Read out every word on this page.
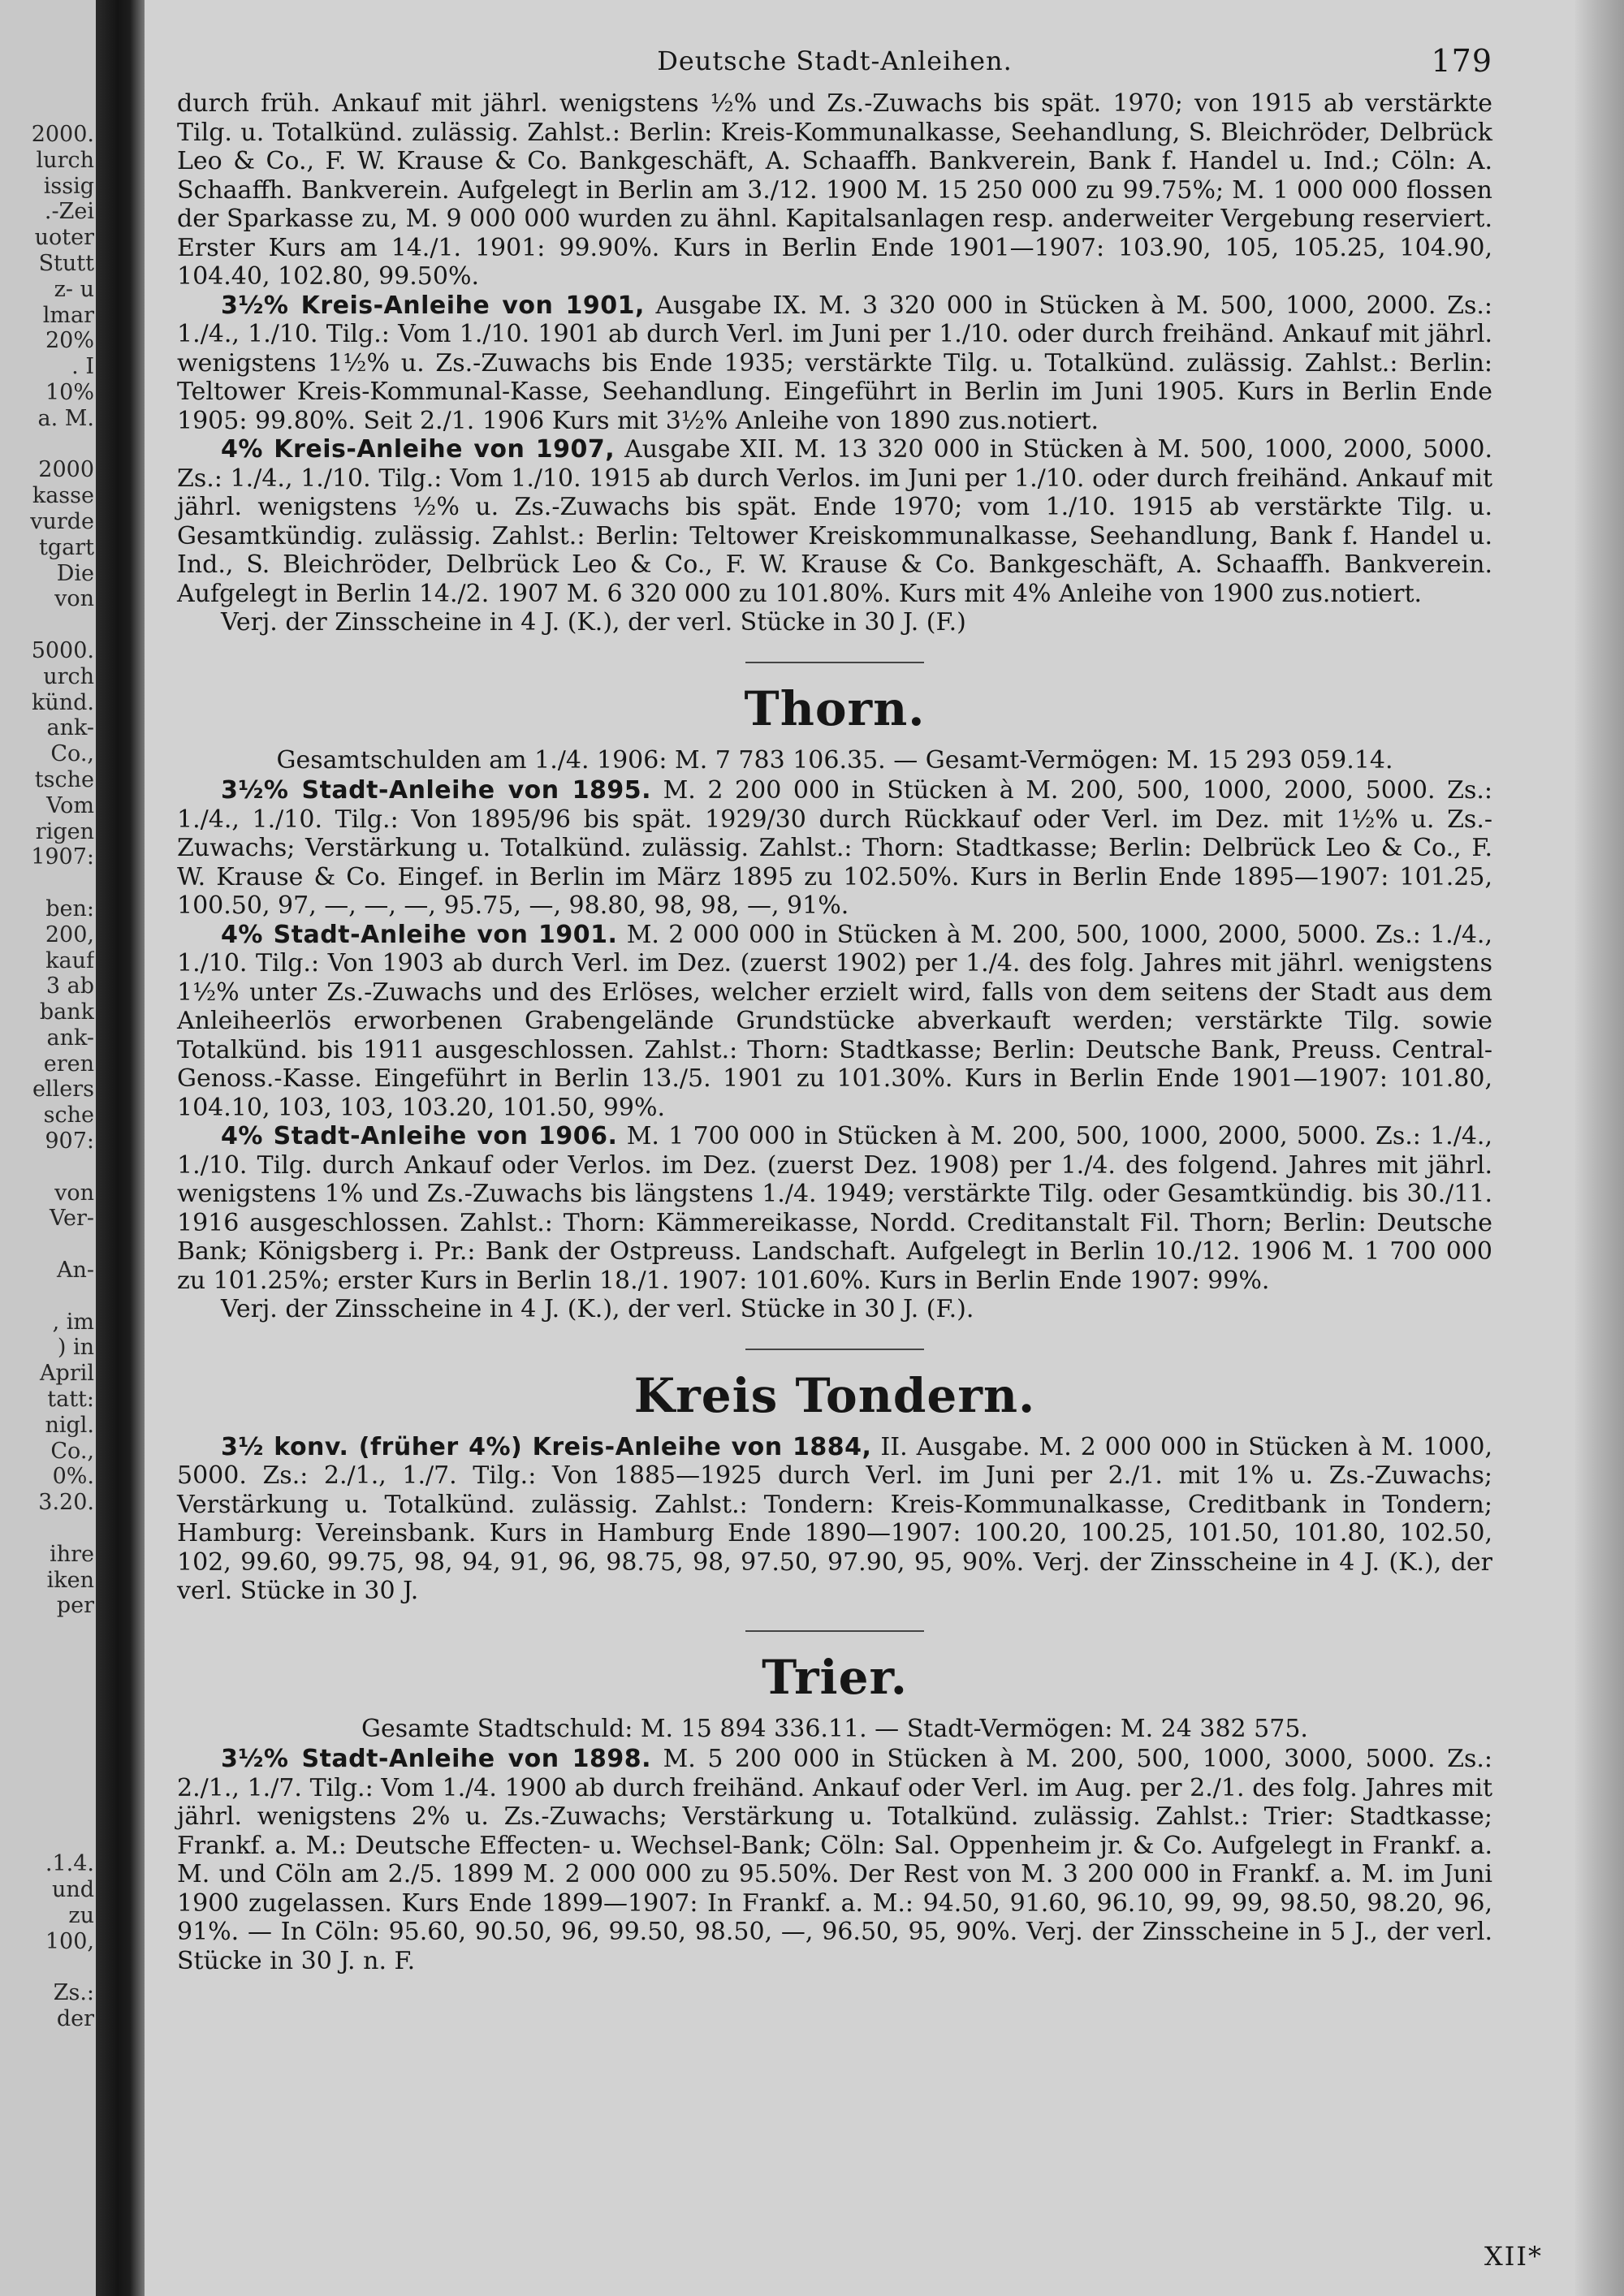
2000.
lurch
issig
.-Zei
uoter
Stutt
z- u
lmar
20%
. I
10%
a. M.
2000
kasse
vurde
tgart
Die
von
5000.
urch
künd.
ank-
Co.,
tsche
Vom
rigen
1907:
ben:
200,
kauf
3 ab
bank
ank-
eren
ellers
sche
907:
von
Ver-
An-
, im
) in
April
tatt:
nigl.
Co.,
0%.
3.20.
ihre
iken
per
.1.4.
und
zu
100,
Zs.:
der
Deutsche Stadt-Anleihen.	179

durch früh. Ankauf mit jährl. wenigstens ½% und Zs.-Zuwachs bis spät. 1970; von 1915 ab verstärkte Tilg. u. Totalkünd. zulässig. Zahlst.: Berlin: Kreis-Kommunalkasse, Seehandlung, S. Bleichröder, Delbrück Leo & Co., F. W. Krause & Co. Bankgeschäft, A. Schaaffh. Bankverein, Bank f. Handel u. Ind.; Cöln: A. Schaaffh. Bankverein. Aufgelegt in Berlin am 3./12. 1900 M. 15 250 000 zu 99.75%; M. 1 000 000 flossen der Sparkasse zu, M. 9 000 000 wurden zu ähnl. Kapitalsanlagen resp. anderweiter Vergebung reserviert. Erster Kurs am 14./1. 1901: 99.90%. Kurs in Berlin Ende 1901—1907: 103.90, 105, 105.25, 104.90, 104.40, 102.80, 99.50%.

3½% Kreis-Anleihe von 1901, Ausgabe IX. M. 3 320 000 in Stücken à M. 500, 1000, 2000. Zs.: 1./4., 1./10. Tilg.: Vom 1./10. 1901 ab durch Verl. im Juni per 1./10. oder durch freihänd. Ankauf mit jährl. wenigstens 1½% u. Zs.-Zuwachs bis Ende 1935; verstärkte Tilg. u. Totalkünd. zulässig. Zahlst.: Berlin: Teltower Kreis-Kommunal-Kasse, Seehandlung. Eingeführt in Berlin im Juni 1905. Kurs in Berlin Ende 1905: 99.80%. Seit 2./1. 1906 Kurs mit 3½% Anleihe von 1890 zus.notiert.

4% Kreis-Anleihe von 1907, Ausgabe XII. M. 13 320 000 in Stücken à M. 500, 1000, 2000, 5000. Zs.: 1./4., 1./10. Tilg.: Vom 1./10. 1915 ab durch Verlos. im Juni per 1./10. oder durch freihänd. Ankauf mit jährl. wenigstens ½% u. Zs.-Zuwachs bis spät. Ende 1970; vom 1./10. 1915 ab verstärkte Tilg. u. Gesamtkündig. zulässig. Zahlst.: Berlin: Teltower Kreiskommunalkasse, Seehandlung, Bank f. Handel u. Ind., S. Bleichröder, Delbrück Leo & Co., F. W. Krause & Co. Bankgeschäft, A. Schaaffh. Bankverein. Aufgelegt in Berlin 14./2. 1907 M. 6 320 000 zu 101.80%. Kurs mit 4% Anleihe von 1900 zus.notiert.

Verj. der Zinsscheine in 4 J. (K.), der verl. Stücke in 30 J. (F.)

Thorn.

Gesamtschulden am 1./4. 1906: M. 7 783 106.35. — Gesamt-Vermögen: M. 15 293 059.14.

3½% Stadt-Anleihe von 1895. M. 2 200 000 in Stücken à M. 200, 500, 1000, 2000, 5000. Zs.: 1./4., 1./10. Tilg.: Von 1895/96 bis spät. 1929/30 durch Rückkauf oder Verl. im Dez. mit 1½% u. Zs.-Zuwachs; Verstärkung u. Totalkünd. zulässig. Zahlst.: Thorn: Stadtkasse; Berlin: Delbrück Leo & Co., F. W. Krause & Co. Eingef. in Berlin im März 1895 zu 102.50%. Kurs in Berlin Ende 1895—1907: 101.25, 100.50, 97, —, —, —, 95.75, —, 98.80, 98, 98, —, 91%.

4% Stadt-Anleihe von 1901. M. 2 000 000 in Stücken à M. 200, 500, 1000, 2000, 5000. Zs.: 1./4., 1./10. Tilg.: Von 1903 ab durch Verl. im Dez. (zuerst 1902) per 1./4. des folg. Jahres mit jährl. wenigstens 1½% unter Zs.-Zuwachs und des Erlöses, welcher erzielt wird, falls von dem seitens der Stadt aus dem Anleiheerlös erworbenen Grabengelände Grundstücke abverkauft werden; verstärkte Tilg. sowie Totalkünd. bis 1911 ausgeschlossen. Zahlst.: Thorn: Stadtkasse; Berlin: Deutsche Bank, Preuss. Central-Genoss.-Kasse. Eingeführt in Berlin 13./5. 1901 zu 101.30%. Kurs in Berlin Ende 1901—1907: 101.80, 104.10, 103, 103, 103.20, 101.50, 99%.

4% Stadt-Anleihe von 1906. M. 1 700 000 in Stücken à M. 200, 500, 1000, 2000, 5000. Zs.: 1./4., 1./10. Tilg. durch Ankauf oder Verlos. im Dez. (zuerst Dez. 1908) per 1./4. des folgend. Jahres mit jährl. wenigstens 1% und Zs.-Zuwachs bis längstens 1./4. 1949; verstärkte Tilg. oder Gesamtkündig. bis 30./11. 1916 ausgeschlossen. Zahlst.: Thorn: Kämmereikasse, Nordd. Creditanstalt Fil. Thorn; Berlin: Deutsche Bank; Königsberg i. Pr.: Bank der Ostpreuss. Landschaft. Aufgelegt in Berlin 10./12. 1906 M. 1 700 000 zu 101.25%; erster Kurs in Berlin 18./1. 1907: 101.60%. Kurs in Berlin Ende 1907: 99%.

Verj. der Zinsscheine in 4 J. (K.), der verl. Stücke in 30 J. (F.).

Kreis Tondern.

3½ konv. (früher 4%) Kreis-Anleihe von 1884, II. Ausgabe. M. 2 000 000 in Stücken à M. 1000, 5000. Zs.: 2./1., 1./7. Tilg.: Von 1885—1925 durch Verl. im Juni per 2./1. mit 1% u. Zs.-Zuwachs; Verstärkung u. Totalkünd. zulässig. Zahlst.: Tondern: Kreis-Kommunalkasse, Creditbank in Tondern; Hamburg: Vereinsbank. Kurs in Hamburg Ende 1890—1907: 100.20, 100.25, 101.50, 101.80, 102.50, 102, 99.60, 99.75, 98, 94, 91, 96, 98.75, 98, 97.50, 97.90, 95, 90%. Verj. der Zinsscheine in 4 J. (K.), der verl. Stücke in 30 J.

Trier.

Gesamte Stadtschuld: M. 15 894 336.11. — Stadt-Vermögen: M. 24 382 575.

3½% Stadt-Anleihe von 1898. M. 5 200 000 in Stücken à M. 200, 500, 1000, 3000, 5000. Zs.: 2./1., 1./7. Tilg.: Vom 1./4. 1900 ab durch freihänd. Ankauf oder Verl. im Aug. per 2./1. des folg. Jahres mit jährl. wenigstens 2% u. Zs.-Zuwachs; Verstärkung u. Totalkünd. zulässig. Zahlst.: Trier: Stadtkasse; Frankf. a. M.: Deutsche Effecten- u. Wechsel-Bank; Cöln: Sal. Oppenheim jr. & Co. Aufgelegt in Frankf. a. M. und Cöln am 2./5. 1899 M. 2 000 000 zu 95.50%. Der Rest von M. 3 200 000 in Frankf. a. M. im Juni 1900 zugelassen. Kurs Ende 1899—1907: In Frankf. a. M.: 94.50, 91.60, 96.10, 99, 99, 98.50, 98.20, 96, 91%. — In Cöln: 95.60, 90.50, 96, 99.50, 98.50, —, 96.50, 95, 90%. Verj. der Zinsscheine in 5 J., der verl. Stücke in 30 J. n. F.

XII*
